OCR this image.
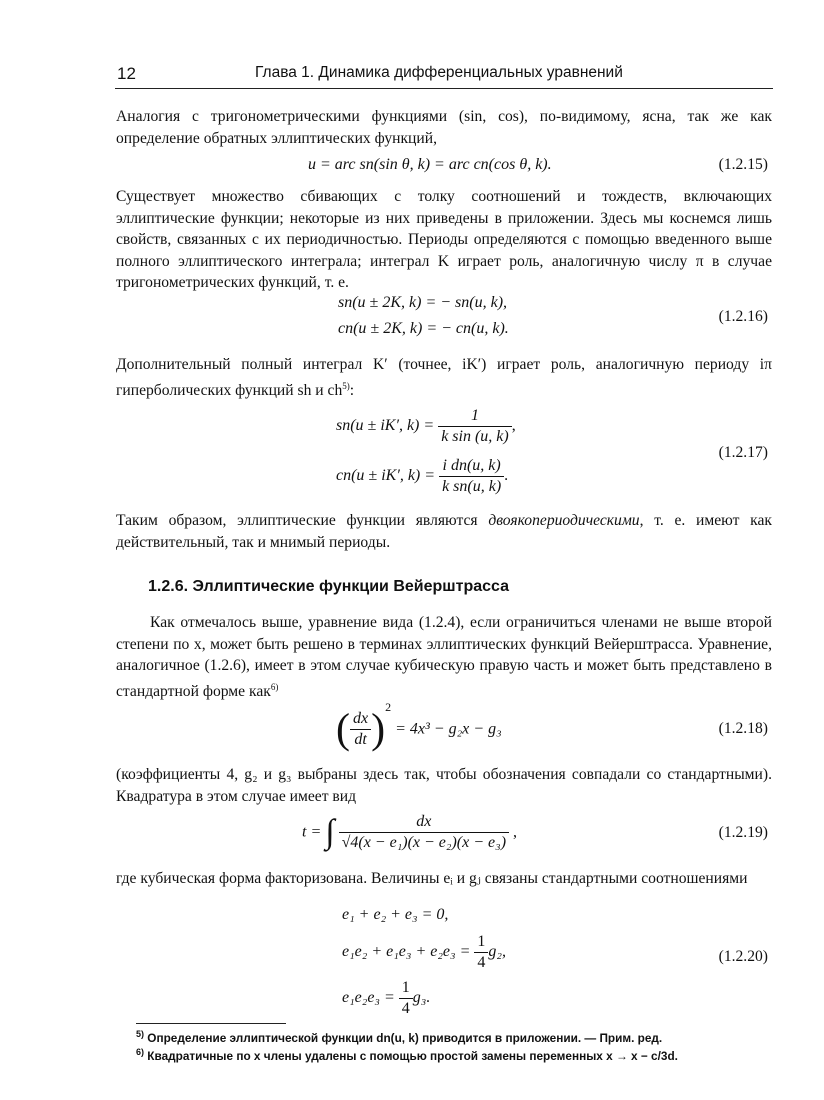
12	Глава 1. Динамика дифференциальных уравнений
Аналогия с тригонометрическими функциями (sin, cos), по-видимому, ясна, так же как определение обратных эллиптических функций,
u = arc sn(sin θ, k) = arc cn(cos θ, k).	(1.2.15)
Существует множество сбивающих с толку соотношений и тождеств, включающих эллиптические функции; некоторые из них приведены в приложении. Здесь мы коснемся лишь свойств, связанных с их периодичностью. Периоды определяются с помощью введенного выше полного эллиптического интеграла; интеграл K играет роль, аналогичную числу π в случае тригонометрических функций, т. е.
sn(u ± 2K, k) = − sn(u, k),
cn(u ± 2K, k) = − cn(u, k).
(1.2.16)
Дополнительный полный интеграл K′ (точнее, iK′) играет роль, аналогичную периоду iπ гиперболических функций sh и $ch^{5)}$:
sn(u ± iK′, $k) = \frac{1}{\text{k sin (u, k)}}$ ,
cn(u ± iK′, $k) = \frac{\text{i dn(u, k)}}{\text{k sn(u, k)}}$ .
(1.2.17)
Таким образом, эллиптические функции являются двоякопериодическими, т. е. имеют как действительный, так и мнимый периоды.
1.2.6. Эллиптические функции Вейерштрасса
Как отмечалось выше, уравнение вида (1.2.4), если ограничиться членами не выше второй степени по x, может быть решено в терминах эллиптических функций Вейерштрасса. Уравнение, аналогичное (1.2.6), имеет в этом случае кубическую правую часть и может быть представлено в стандартной форме как$^{6)}$
( $\frac{dx}{dt} )^2 = 4x^3 - g_2x - g_3$	(1.2.18)
(коэффициенты 4, g₂ и g₃ выбраны здесь так, чтобы обозначения совпадали со стандартными). Квадратура в этом случае имеет вид
t = ∫ $\frac{dx}{\text{√4(x − e₁)(x − e₂)(x − e₃)}}$ ,	(1.2.19)
где кубическая форма факторизована. Величины eᵢ и gⱼ связаны стандартными соотношениями
e₁ + e₂ + e₃ = 0,
$e_1e_2 + e_1e_3 + e_2e_3 = \frac{1}{4} g_2$,
$e_1e_2e_3 = \frac{1}{4} g_3$.
(1.2.20)
$^{5)}$ Определение эллиптической функции dn(u, k) приводится в приложении. — Прим. ред.
$^{6)}$ Квадратичные по x члены удалены с помощью простой замены переменных x → x − c/3d.
